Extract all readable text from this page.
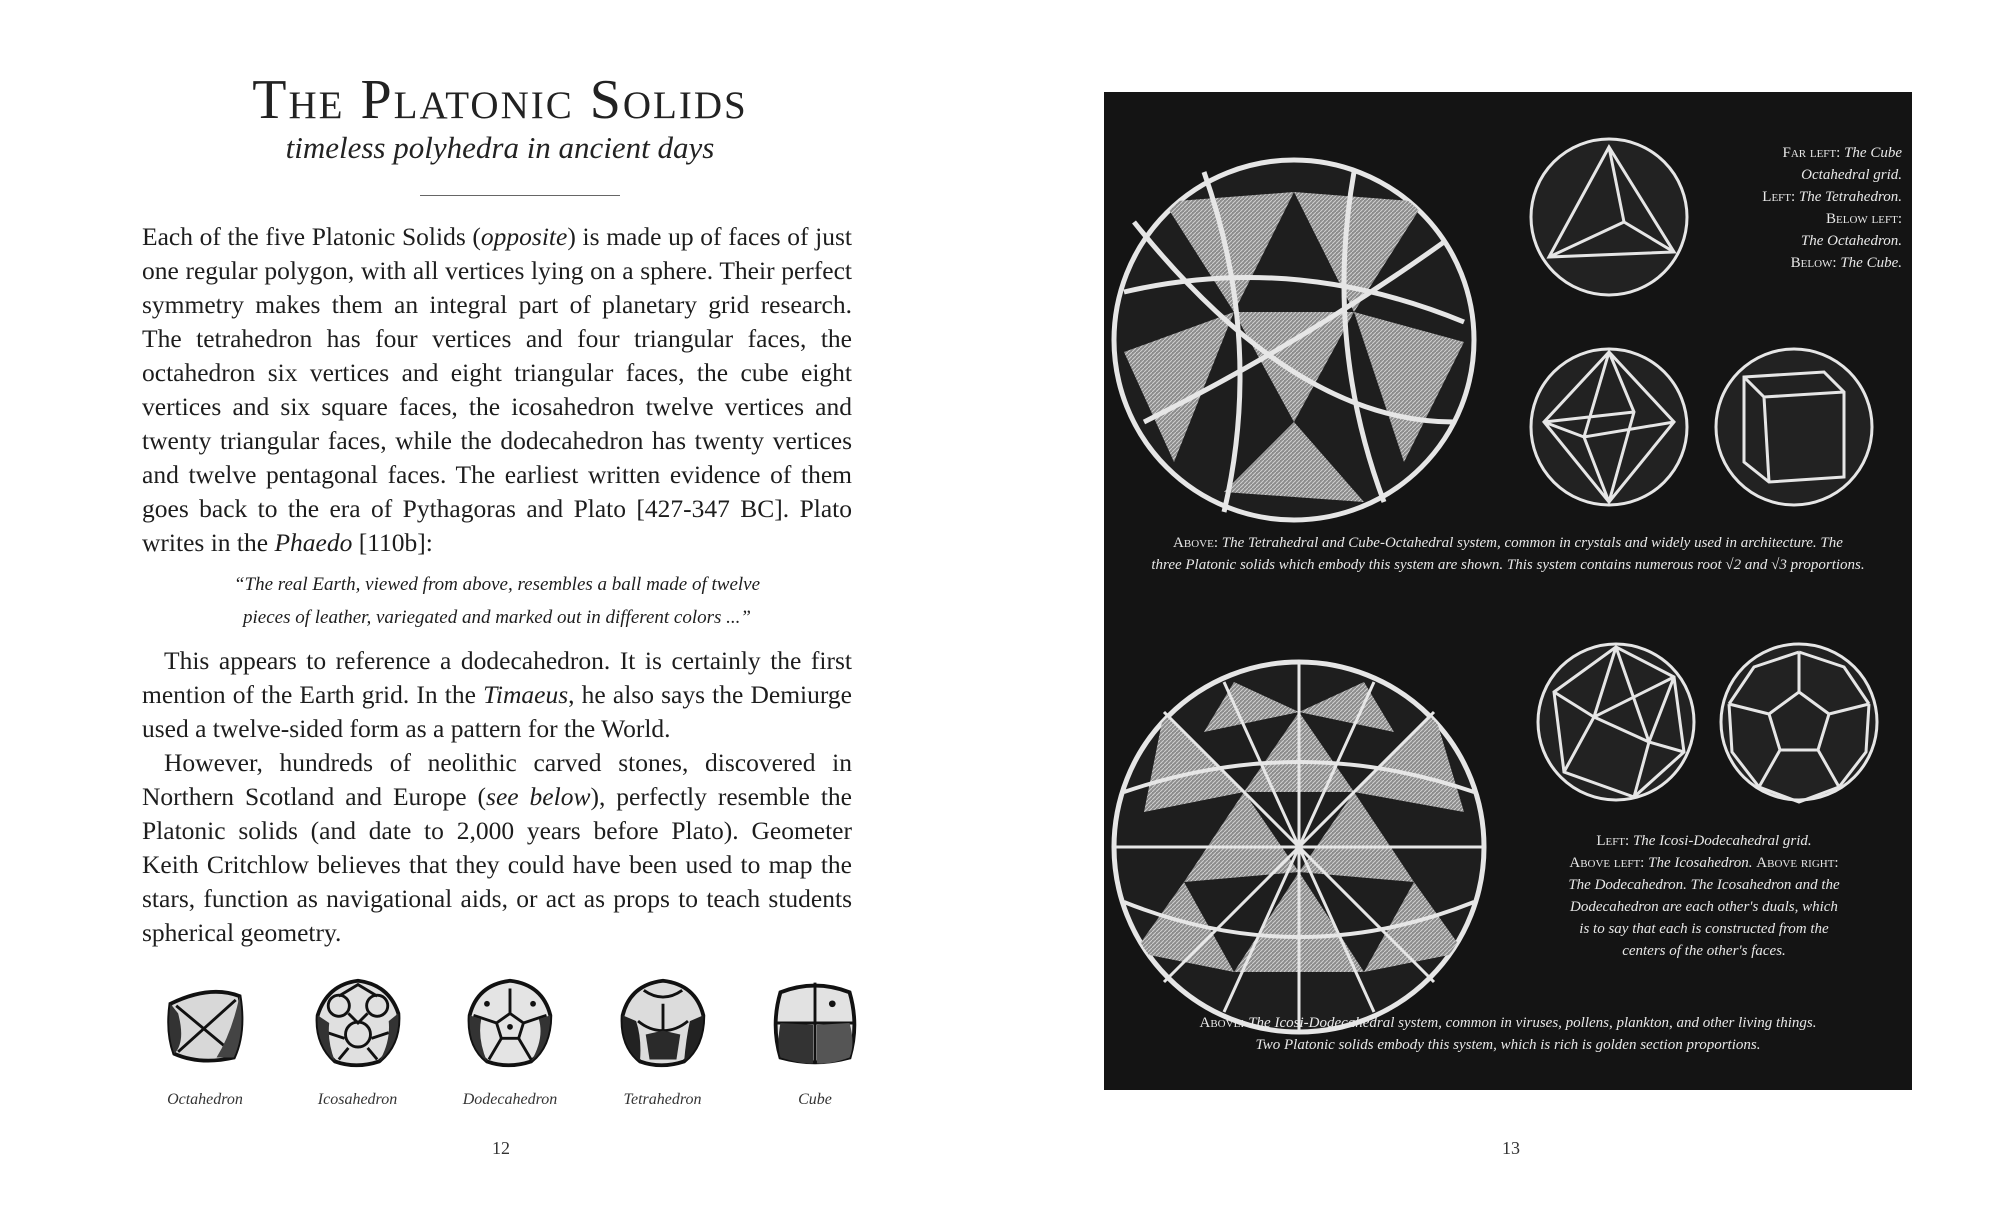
The Platonic Solids
timeless polyhedra in ancient days

Each of the five Platonic Solids (opposite) is made up of faces of just one regular polygon, with all vertices lying on a sphere. Their perfect symmetry makes them an integral part of planetary grid research. The tetrahedron has four vertices and four triangular faces, the octahedron six vertices and eight triangular faces, the cube eight vertices and six square faces, the icosahedron twelve vertices and twenty triangular faces, while the dodecahedron has twenty vertices and twelve pentagonal faces. The earliest written evidence of them goes back to the era of Pythagoras and Plato [427-347 BC]. Plato writes in the Phaedo [110b]:

“The real Earth, viewed from above, resembles a ball made of twelve
pieces of leather, variegated and marked out in different colors ...”

This appears to reference a dodecahedron. It is certainly the first mention of the Earth grid. In the Timaeus, he also says the Demiurge used a twelve-sided form as a pattern for the World.

However, hundreds of neolithic carved stones, discovered in Northern Scotland and Europe (see below), perfectly resemble the Platonic solids (and date to 2,000 years before Plato). Geometer Keith Critchlow believes that they could have been used to map the stars, function as navigational aids, or act as props to teach students spherical geometry.

Octahedron	Icosahedron	Dodecahedron	Tetrahedron	Cube
12
Far left: The Cube
Octahedral grid.
Left: The Tetrahedron.
Below left:
The Octahedron.
Below: The Cube.
Above: The Tetrahedral and Cube-Octahedral system, common in crystals and widely used in architecture. The
three Platonic solids which embody this system are shown. This system contains numerous root √2 and √3 proportions.
Left: The Icosi-Dodecahedral grid.
Above left: The Icosahedron. Above right:
The Dodecahedron. The Icosahedron and the
Dodecahedron are each other's duals, which
is to say that each is constructed from the
centers of the other's faces.
Above: The Icosi-Dodecahedral system, common in viruses, pollens, plankton, and other living things.
Two Platonic solids embody this system, which is rich is golden section proportions.
13
